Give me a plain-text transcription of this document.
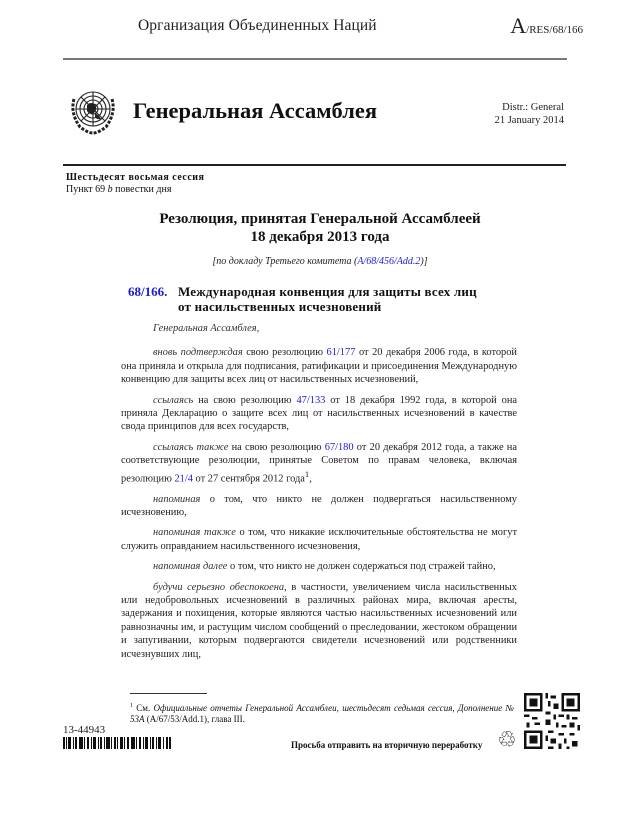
Организация Объединенных Наций	A/RES/68/166
Генеральная Ассамблея	Distr.: General
21 January 2014
Шестьдесят восьмая сессия
Пункт 69 b повестки дня
Резолюция, принятая Генеральной Ассамблеей
18 декабря 2013 года
[по докладу Третьего комитета (A/68/456/Add.2)]
68/166. Международная конвенция для защиты всех лиц
от насильственных исчезновений

Генеральная Ассамблея,

вновь подтверждая свою резолюцию 61/177 от 20 декабря 2006 года, в которой она приняла и открыла для подписания, ратификации и присоединения Международную конвенцию для защиты всех лиц от насильственных исчезновений,

ссылаясь на свою резолюцию 47/133 от 18 декабря 1992 года, в которой она приняла Декларацию о защите всех лиц от насильственных исчезновений в качестве свода принципов для всех государств,

ссылаясь также на свою резолюцию 67/180 от 20 декабря 2012 года, а также на соответствующие резолюции, принятые Советом по правам человека, включая резолюцию 21/4 от 27 сентября 2012 года$^1$,

напоминая о том, что никто не должен подвергаться насильственному исчезновению,

напоминая также о том, что никакие исключительные обстоятельства не могут служить оправданием насильственного исчезновения,

напоминая далее о том, что никто не должен содержаться под стражей тайно,

будучи серьезно обеспокоена, в частности, увеличением числа насильственных или недобровольных исчезновений в различных районах мира, включая аресты, задержания и похищения, которые являются частью насильственных исчезновений или равнозначны им, и растущим числом сообщений о преследовании, жестоком обращении и запугивании, которым подвергаются свидетели исчезновений или родственники исчезнувших лиц,

$^1$ См. Официальные отчеты Генеральной Ассамблеи, шестьдесят седьмая сессия, Дополнение № 53А (A/67/53/Add.1), глава III.
13-44943
Просьба отправить на вторичную переработку ♲
